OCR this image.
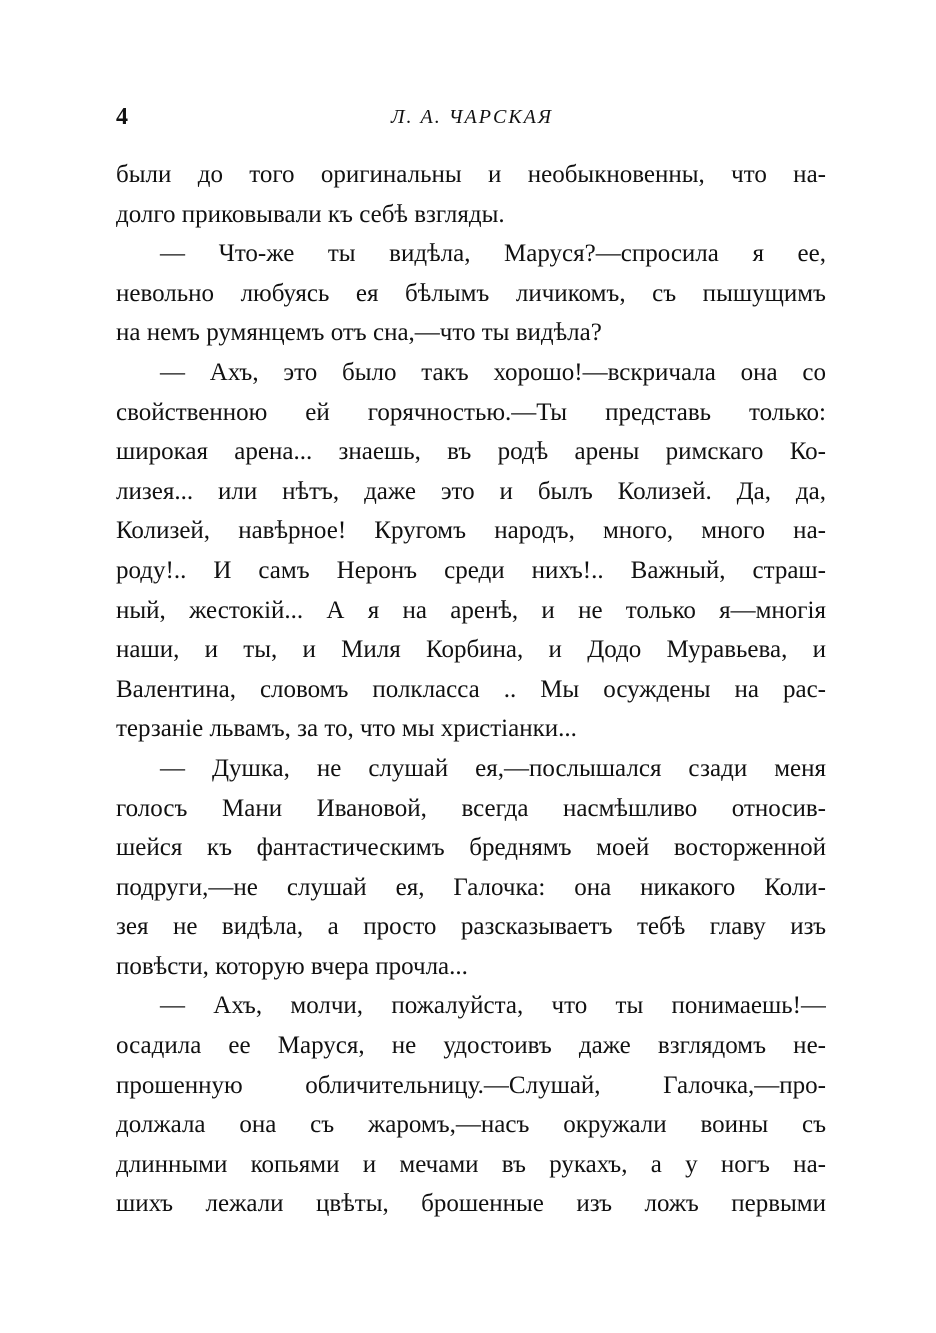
4	Л. А. ЧАРСКАЯ
были до того оригинальны и необыкновенны, что на-
долго приковывали къ себѣ взгляды.
— Что-же ты видѣла, Маруся?—спросила я ее,
невольно любуясь ея бѣлымъ личикомъ, съ пышущимъ
на немъ румянцемъ отъ сна,—что ты видѣла?
— Ахъ, это было такъ хорошо!—вскричала она со
свойственною ей горячностью.—Ты представь только:
широкая арена... знаешь, въ родѣ арены римскаго Ко-
лизея... или нѣтъ, даже это и былъ Колизей. Да, да,
Колизей, навѣрное! Кругомъ народъ, много, много на-
роду!.. И самъ Неронъ среди нихъ!.. Важный, страш-
ный, жестокій... А я на аренѣ, и не только я—многія
наши, и ты, и Миля Корбина, и Додо Муравьева, и
Валентина, словомъ полкласса .. Мы осуждены на рас-
терзаніе львамъ, за то, что мы христіанки...
— Душка, не слушай ея,—послышался сзади меня
голосъ Мани Ивановой, всегда насмѣшливо относив-
шейся къ фантастическимъ бреднямъ моей восторженной
подруги,—не слушай ея, Галочка: она никакого Коли-
зея не видѣла, а просто разсказываетъ тебѣ главу изъ
повѣсти, которую вчера прочла...
— Ахъ, молчи, пожалуйста, что ты понимаешь!—
осадила ее Маруся, не удостоивъ даже взглядомъ не-
прошенную обличительницу.—Слушай, Галочка,—про-
должала она съ жаромъ,—насъ окружали воины съ
длинными копьями и мечами въ рукахъ, а у ногъ на-
шихъ лежали цвѣты, брошенные изъ ложъ первыми
